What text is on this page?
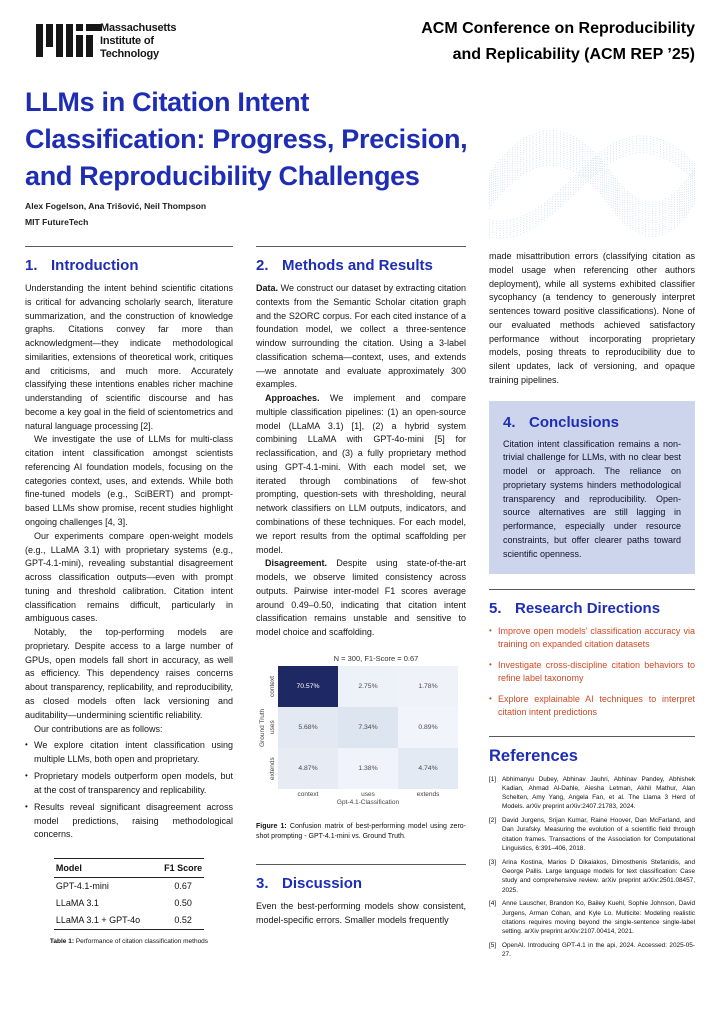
Massachusetts
Institute of
Technology
ACM Conference on Reproducibility
and Replicability (ACM REP ’25)
LLMs in Citation Intent
Classification: Progress, Precision,
and Reproducibility Challenges
Alex Fogelson, Ana Trišović, Neil Thompson
MIT FutureTech
1. Introduction

Understanding the intent behind scientific citations is critical for advancing scholarly search, literature summarization, and the construction of knowledge graphs. Citations convey far more than acknowledgment—they indicate methodological similarities, extensions of theoretical work, critiques and criticisms, and much more. Accurately classifying these intentions enables richer machine understanding of scientific discourse and has become a key goal in the field of scientometrics and natural language processing [2].

We investigate the use of LLMs for multi-class citation intent classification amongst scientists referencing AI foundation models, focusing on the categories context, uses, and extends. While both fine-tuned models (e.g., SciBERT) and prompt-based LLMs show promise, recent studies highlight ongoing challenges [4, 3].

Our experiments compare open-weight models (e.g., LLaMA 3.1) with proprietary systems (e.g., GPT-4.1-mini), revealing substantial disagreement across classification outputs—even with prompt tuning and threshold calibration. Citation intent classification remains difficult, particularly in ambiguous cases.

Notably, the top-performing models are proprietary. Despite access to a large number of GPUs, open models fall short in accuracy, as well as efficiency. This dependency raises concerns about transparency, replicability, and reproducibility, as closed models often lack versioning and auditability—undermining scientific reliability.

Our contributions are as follows:

• We explore citation intent classification using multiple LLMs, both open and proprietary.
• Proprietary models outperform open models, but at the cost of transparency and replicability.
• Results reveal significant disagreement across model predictions, raising methodological concerns.
Model	F1 Score
GPT-4.1-mini	0.67
LLaMA 3.1	0.50
LLaMA 3.1 + GPT-4o	0.52
Table 1: Performance of citation classification methods
2. Methods and Results

Data. We construct our dataset by extracting citation contexts from the Semantic Scholar citation graph and the S2ORC corpus. For each cited instance of a foundation model, we collect a three-sentence window surrounding the citation. Using a 3-label classification schema—context, uses, and extends—we annotate and evaluate approximately 300 examples.

Approaches. We implement and compare multiple classification pipelines: (1) an open-source model (LLaMA 3.1) [1], (2) a hybrid system combining LLaMA with GPT-4o-mini [5] for reclassification, and (3) a fully proprietary method using GPT-4.1-mini. With each model set, we iterated through combinations of few-shot prompting, question-sets with thresholding, neural network classifiers on LLM outputs, indicators, and combinations of these techniques. For each model, we report results from the optimal scaffolding per model.

Disagreement. Despite using state-of-the-art models, we observe limited consistency across outputs. Pairwise inter-model F1 scores average around 0.49–0.50, indicating that citation intent classification remains unstable and sensitive to model choice and scaffolding.

N = 300, F1-Score = 0.67
Ground Truth
context
uses
extends
70.57%	2.75%	1.78%
5.68%	7.34%	0.89%
4.87%	1.38%	4.74%
context	uses	extends
Gpt-4.1-Classification
Figure 1: Confusion matrix of best-performing model using zero-shot prompting - GPT-4.1-mini vs. Ground Truth.
3. Discussion

Even the best-performing models show consistent, model-specific errors. Smaller models frequently

made misattribution errors (classifying citation as model usage when referencing other authors deployment), while all systems exhibited classifier sycophancy (a tendency to generously interpret sentences toward positive classifications). None of our evaluated methods achieved satisfactory performance without incorporating proprietary models, posing threats to reproducibility due to silent updates, lack of versioning, and opaque training pipelines.

4. Conclusions

Citation intent classification remains a non-trivial challenge for LLMs, with no clear best model or approach. The reliance on proprietary systems hinders methodological transparency and reproducibility. Open-source alternatives are still lagging in performance, especially under resource constraints, but offer clearer paths toward scientific openness.

5. Research Directions
• Improve open models’ classification accuracy via training on expanded citation datasets
• Investigate cross-discipline citation behaviors to refine label taxonomy
• Explore explainable AI techniques to interpret citation intent predictions
References
[1] Abhimanyu Dubey, Abhinav Jauhri, Abhinav Pandey, Abhishek Kadian, Ahmad Al-Dahle, Aiesha Letman, Akhil Mathur, Alan Schelten, Amy Yang, Angela Fan, et al. The Llama 3 Herd of Models. arXiv preprint arXiv:2407.21783, 2024.
[2] David Jurgens, Srijan Kumar, Raine Hoover, Dan McFarland, and Dan Jurafsky. Measuring the evolution of a scientific field through citation frames. Transactions of the Association for Computational Linguistics, 6:391–406, 2018.
[3] Arina Kostina, Marios D Dikaiakos, Dimosthenis Stefanidis, and George Pallis. Large language models for text classification: Case study and comprehensive review. arXiv preprint arXiv:2501.08457, 2025.
[4] Anne Lauscher, Brandon Ko, Bailey Kuehl, Sophie Johnson, David Jurgens, Arman Cohan, and Kyle Lo. Multicite: Modeling realistic citations requires moving beyond the single-sentence single-label setting. arXiv preprint arXiv:2107.00414, 2021.
[5] OpenAI. Introducing GPT-4.1 in the api, 2024. Accessed: 2025-05-27.
